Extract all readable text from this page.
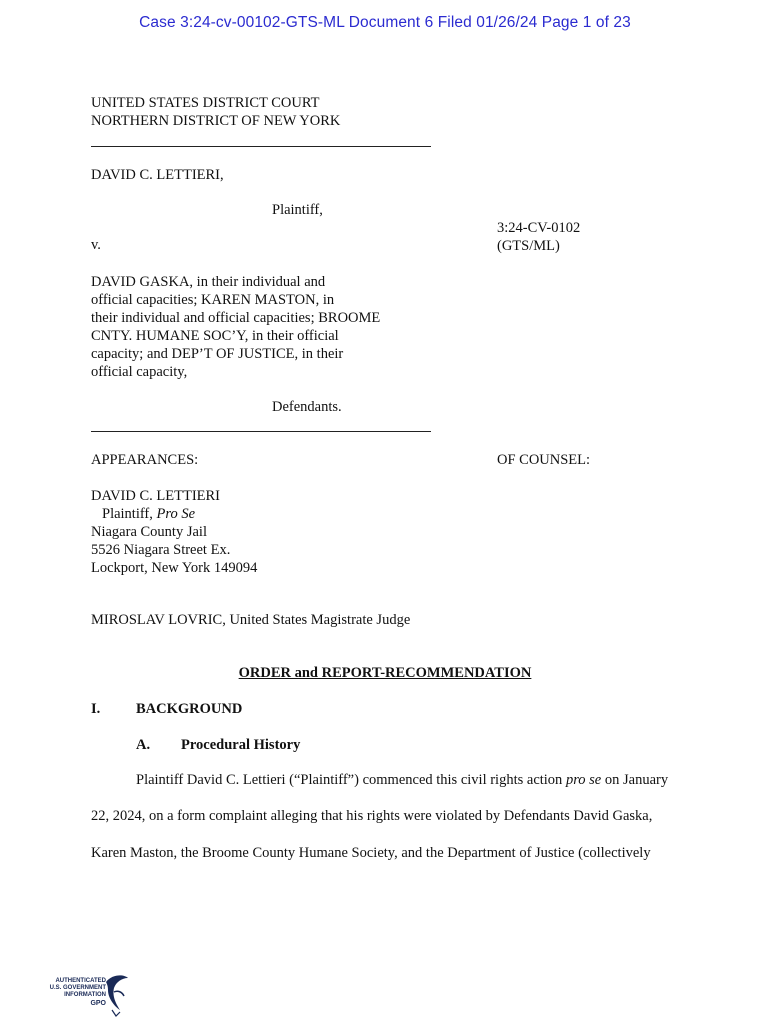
Case 3:24-cv-00102-GTS-ML Document 6 Filed 01/26/24 Page 1 of 23
UNITED STATES DISTRICT COURT
NORTHERN DISTRICT OF NEW YORK
DAVID C. LETTIERI,
Plaintiff,
3:24-CV-0102
(GTS/ML)
v.
DAVID GASKA, in their individual and
official capacities; KAREN MASTON, in
their individual and official capacities; BROOME
CNTY. HUMANE SOC’Y, in their official
capacity; and DEP’T OF JUSTICE, in their
official capacity,
Defendants.
APPEARANCES:	OF COUNSEL:
DAVID C. LETTIERI
Plaintiff, Pro Se
Niagara County Jail
5526 Niagara Street Ex.
Lockport, New York 149094
MIROSLAV LOVRIC, United States Magistrate Judge
ORDER and REPORT-RECOMMENDATION
I. BACKGROUND
A. Procedural History
Plaintiff David C. Lettieri (“Plaintiff”) commenced this civil rights action pro se on January
22, 2024, on a form complaint alleging that his rights were violated by Defendants David Gaska,
Karen Maston, the Broome County Humane Society, and the Department of Justice (collectively
AUTHENTICATED
U.S. GOVERNMENT
INFORMATION
GPO
